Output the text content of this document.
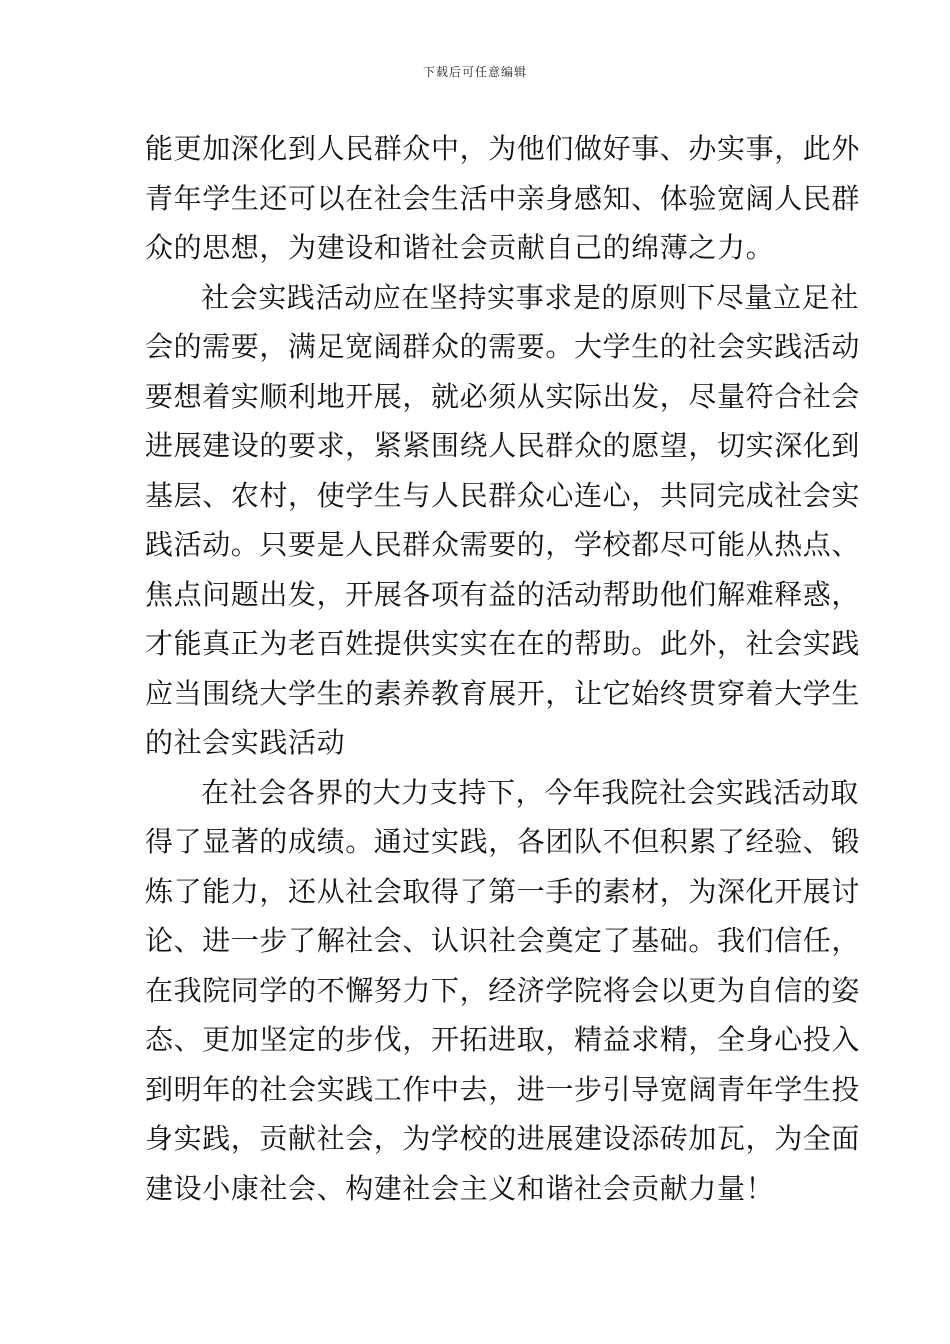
下载后可任意编辑
能更加深化到人民群众中，为他们做好事、办实事，此外
青年学生还可以在社会生活中亲身感知、体验宽阔人民群
众的思想，为建设和谐社会贡献自己的绵薄之力。
社会实践活动应在坚持实事求是的原则下尽量立足社
会的需要，满足宽阔群众的需要。大学生的社会实践活动
要想着实顺利地开展，就必须从实际出发，尽量符合社会
进展建设的要求，紧紧围绕人民群众的愿望，切实深化到
基层、农村，使学生与人民群众心连心，共同完成社会实
践活动。只要是人民群众需要的，学校都尽可能从热点、
焦点问题出发，开展各项有益的活动帮助他们解难释惑，
才能真正为老百姓提供实实在在的帮助。此外，社会实践
应当围绕大学生的素养教育展开，让它始终贯穿着大学生
的社会实践活动
在社会各界的大力支持下，今年我院社会实践活动取
得了显著的成绩。通过实践，各团队不但积累了经验、锻
炼了能力，还从社会取得了第一手的素材，为深化开展讨
论、进一步了解社会、认识社会奠定了基础。我们信任，
在我院同学的不懈努力下，经济学院将会以更为自信的姿
态、更加坚定的步伐，开拓进取，精益求精，全身心投入
到明年的社会实践工作中去，进一步引导宽阔青年学生投
身实践，贡献社会，为学校的进展建设添砖加瓦，为全面
建设小康社会、构建社会主义和谐社会贡献力量！
